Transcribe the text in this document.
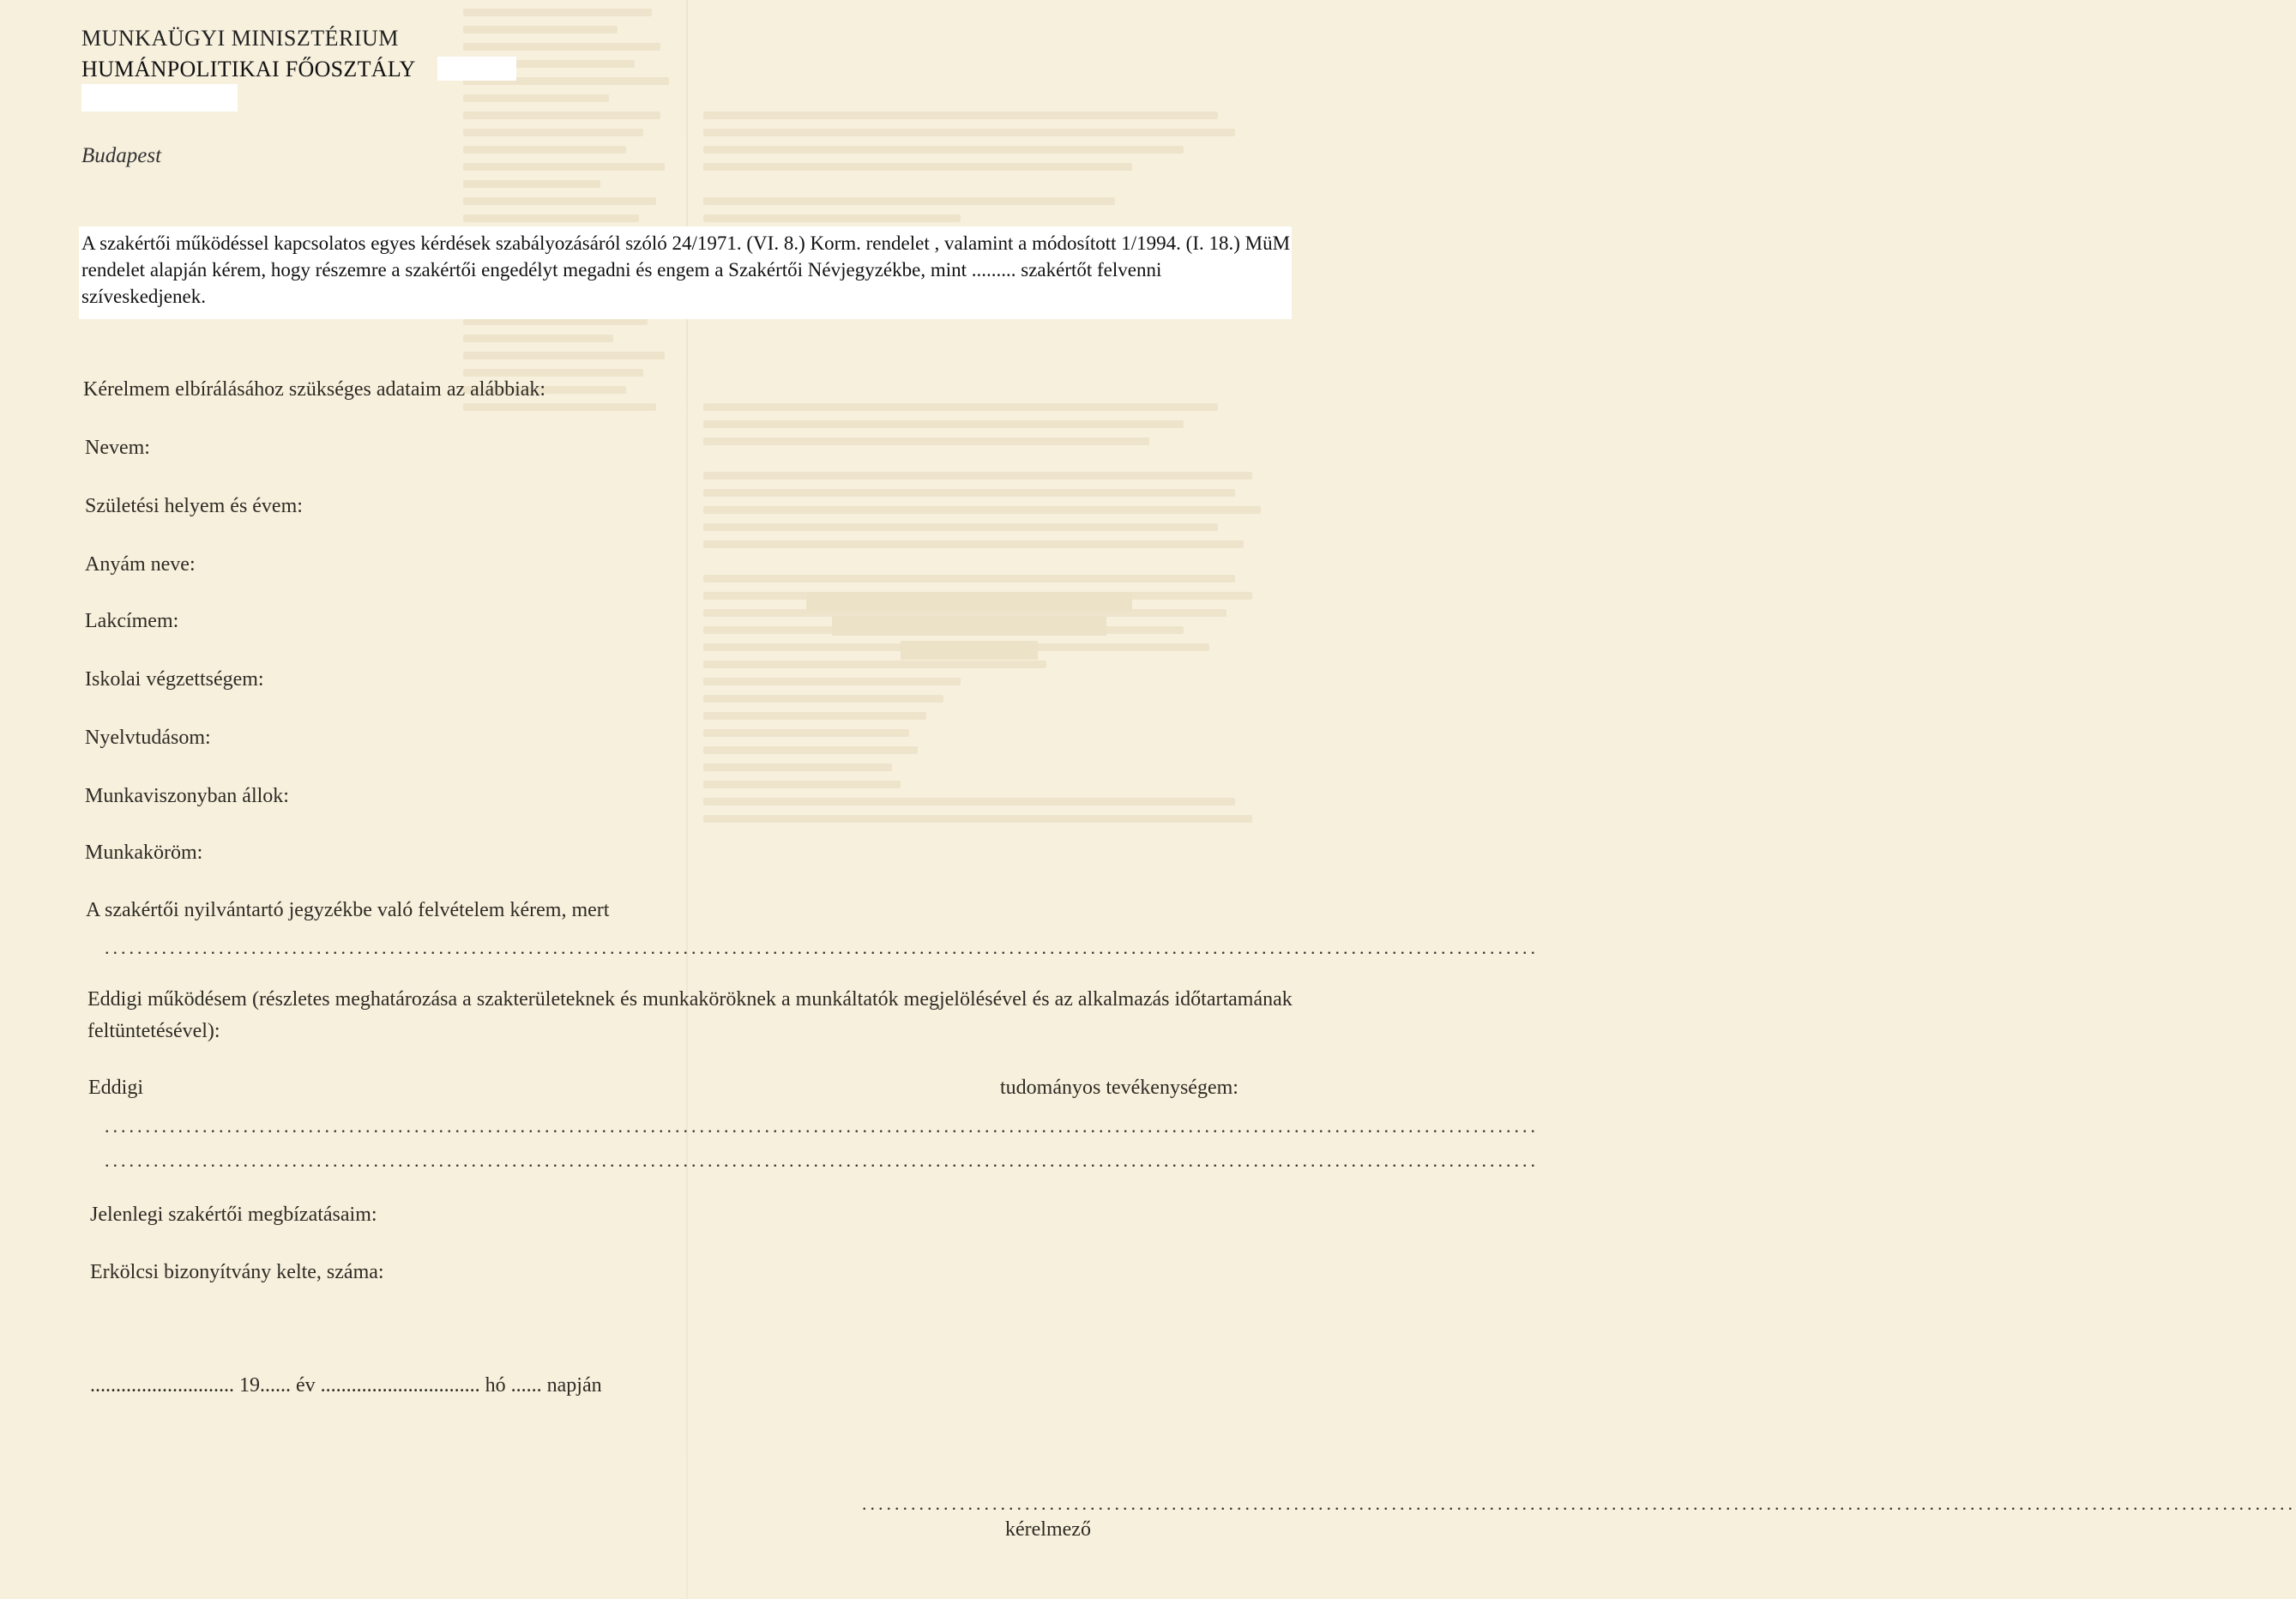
MUNKAÜGYI MINISZTÉRIUM
HUMÁNPOLITIKAI FŐOSZTÁLY
Budapest
A szakértői működéssel kapcsolatos egyes kérdések szabályozásáról szóló 24/1971. (VI. 8.) Korm. rendelet , valamint a módosított 1/1994. (I. 18.) MüM rendelet alapján kérem, hogy részemre a szakértői engedélyt megadni és engem a Szakértői Névjegyzékbe, mint ......... szakértőt felvenni szíveskedjenek.
Kérelmem elbírálásához szükséges adataim az alábbiak:
Nevem:
Születési helyem és évem:
Anyám neve:
Lakcímem:
Iskolai végzettségem:
Nyelvtudásom:
Munkaviszonyban állok:
Munkaköröm:
A szakértői nyilvántartó jegyzékbe való felvételem kérem, mert
................................................................................................................................................................................
Eddigi működésem (részletes meghatározása a szakterületeknek és munkaköröknek a munkáltatók megjelölésével és az alkalmazás időtartamának feltüntetésével):
Eddigi	tudományos tevékenységem:
................................................................................................................................................................................
................................................................................................................................................................................
Jelenlegi szakértői megbízatásaim:
Erkölcsi bizonyítvány kelte, száma:
............................ 19...... év ............................... hó ...... napján
................................................................................................................................................................................
kérelmező
